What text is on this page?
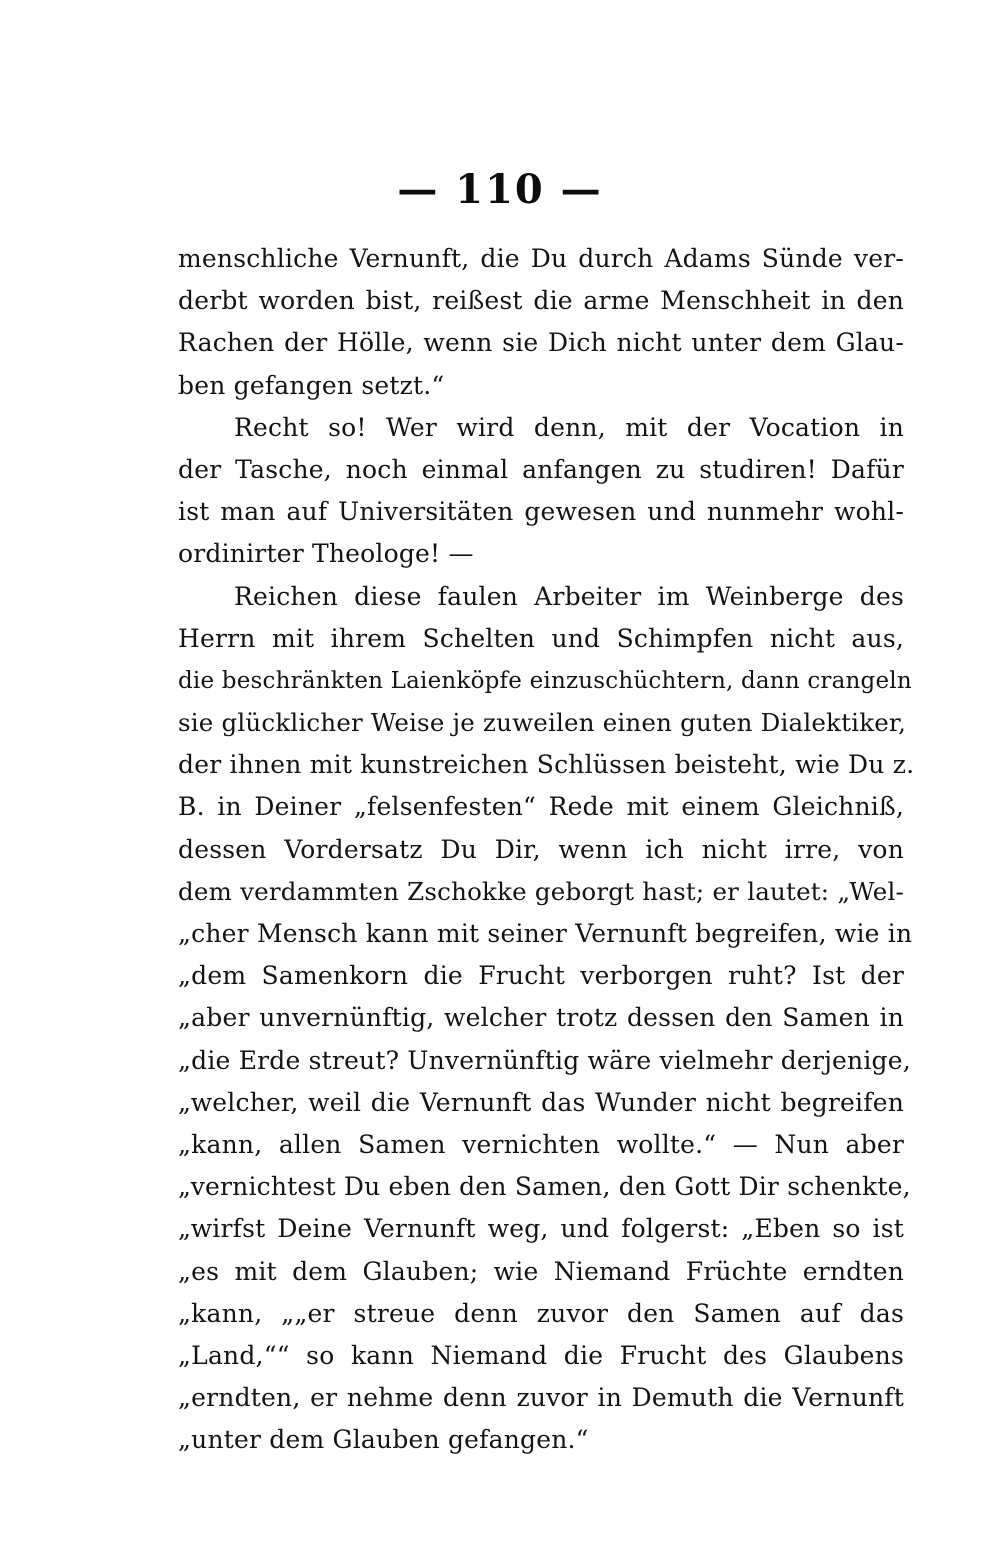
— 110 —
menschliche Vernunft, die Du durch Adams Sünde ver-
derbt worden bist, reißest die arme Menschheit in den
Rachen der Hölle, wenn sie Dich nicht unter dem Glau-
ben gefangen setzt.“
Recht so! Wer wird denn, mit der Vocation in
der Tasche, noch einmal anfangen zu studiren! Dafür
ist man auf Universitäten gewesen und nunmehr wohl-
ordinirter Theologe! —
Reichen diese faulen Arbeiter im Weinberge des
Herrn mit ihrem Schelten und Schimpfen nicht aus,
die beschränkten Laienköpfe einzuschüchtern, dann crangeln
sie glücklicher Weise je zuweilen einen guten Dialektiker,
der ihnen mit kunstreichen Schlüssen beisteht, wie Du z.
B. in Deiner „felsenfesten“ Rede mit einem Gleichniß,
dessen Vordersatz Du Dir, wenn ich nicht irre, von
dem verdammten Zschokke geborgt hast; er lautet: „Wel-
„cher Mensch kann mit seiner Vernunft begreifen, wie in
„dem Samenkorn die Frucht verborgen ruht? Ist der
„aber unvernünftig, welcher trotz dessen den Samen in
„die Erde streut? Unvernünftig wäre vielmehr derjenige,
„welcher, weil die Vernunft das Wunder nicht begreifen
„kann, allen Samen vernichten wollte.“ — Nun aber
„vernichtest Du eben den Samen, den Gott Dir schenkte,
„wirfst Deine Vernunft weg, und folgerst: „Eben so ist
„es mit dem Glauben; wie Niemand Früchte erndten
„kann, „„er streue denn zuvor den Samen auf das
„Land,““ so kann Niemand die Frucht des Glaubens
„erndten, er nehme denn zuvor in Demuth die Vernunft
„unter dem Glauben gefangen.“
